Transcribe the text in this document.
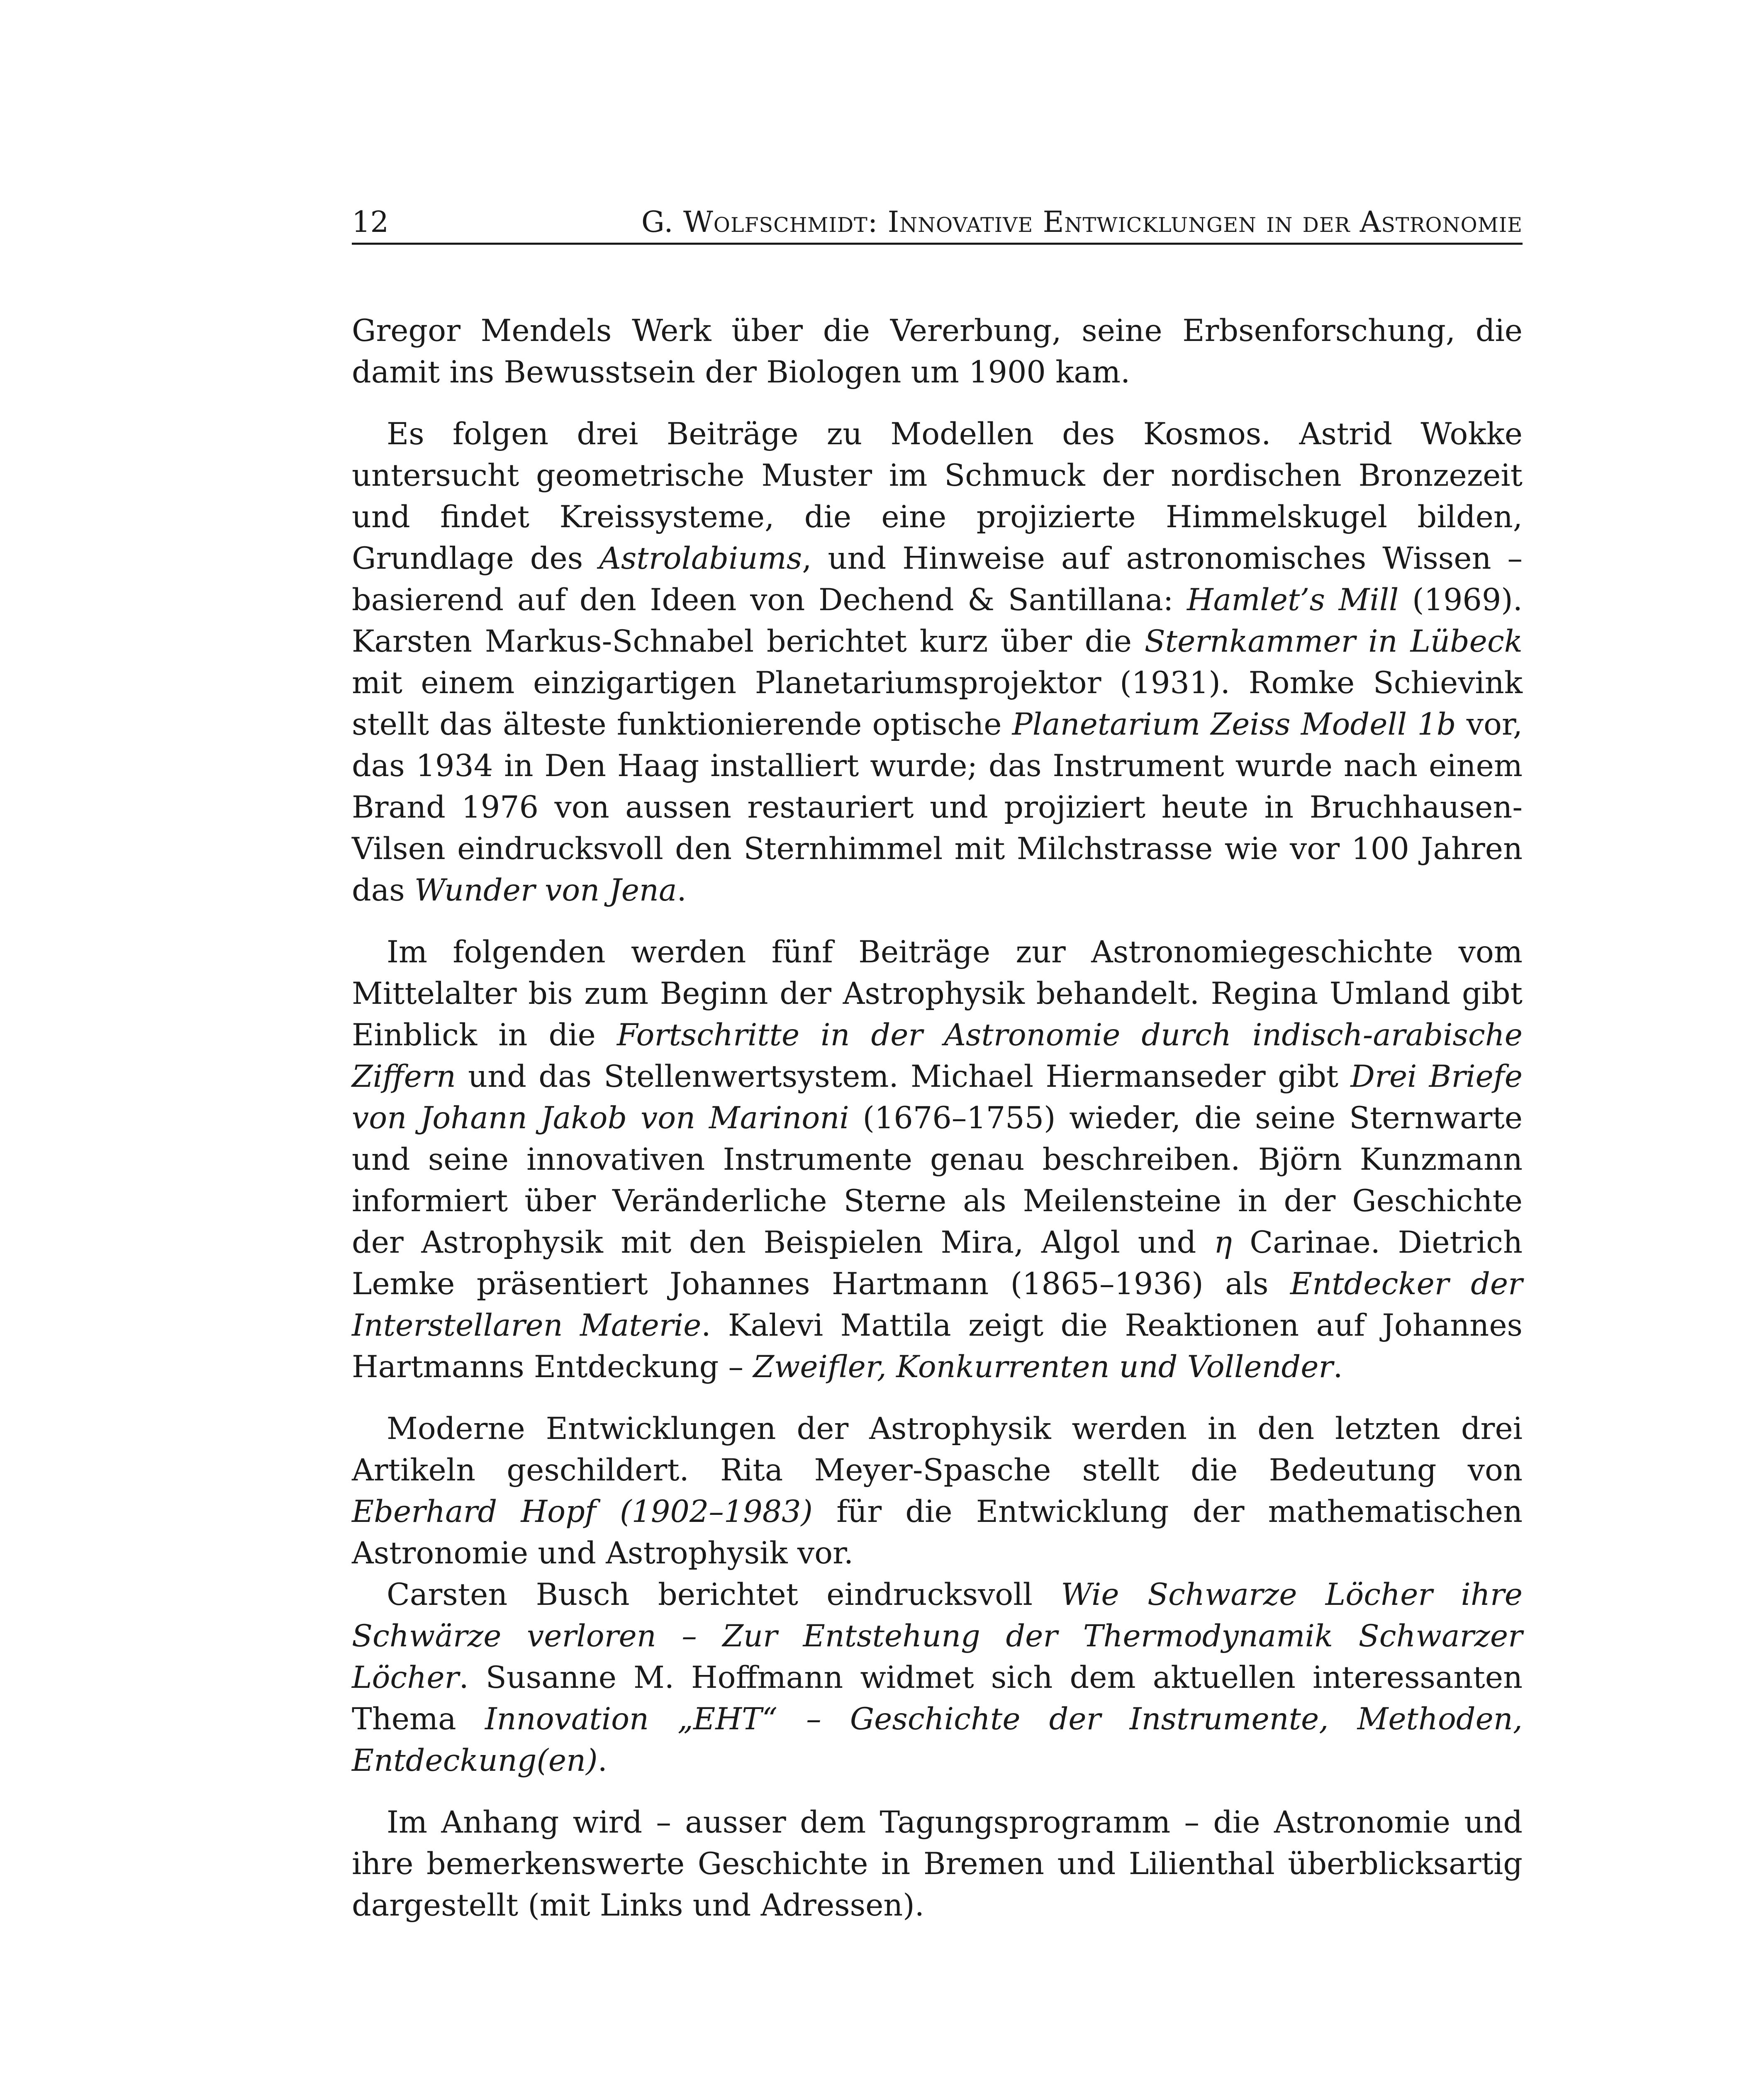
12	G. Wolfschmidt: Innovative Entwicklungen in der Astronomie

Gregor Mendels Werk über die Vererbung, seine Erbsenforschung, die damit ins Bewusstsein der Biologen um 1900 kam.

Es folgen drei Beiträge zu Modellen des Kosmos. Astrid Wokke untersucht geometrische Muster im Schmuck der nordischen Bronzezeit und findet Kreissysteme, die eine projizierte Himmelskugel bilden, Grundlage des Astrolabiums, und Hinweise auf astronomisches Wissen – basierend auf den Ideen von Dechend & Santillana: Hamlet’s Mill (1969). Karsten Markus-Schnabel berichtet kurz über die Sternkammer in Lübeck mit einem einzigartigen Planetariumsprojektor (1931). Romke Schievink stellt das älteste funktionierende optische Planetarium Zeiss Modell 1b vor, das 1934 in Den Haag installiert wurde; das Instrument wurde nach einem Brand 1976 von aussen restauriert und projiziert heute in Bruchhausen-Vilsen eindrucksvoll den Sternhimmel mit Milchstrasse wie vor 100 Jahren das Wunder von Jena.

Im folgenden werden fünf Beiträge zur Astronomiegeschichte vom Mittelalter bis zum Beginn der Astrophysik behandelt. Regina Umland gibt Einblick in die Fortschritte in der Astronomie durch indisch-arabische Ziffern und das Stellenwertsystem. Michael Hiermanseder gibt Drei Briefe von Johann Jakob von Marinoni (1676–1755) wieder, die seine Sternwarte und seine innovativen Instrumente genau beschreiben. Björn Kunzmann informiert über Veränderliche Sterne als Meilensteine in der Geschichte der Astrophysik mit den Beispielen Mira, Algol und η Carinae. Dietrich Lemke präsentiert Johannes Hartmann (1865–1936) als Entdecker der Interstellaren Materie. Kalevi Mattila zeigt die Reaktionen auf Johannes Hartmanns Entdeckung – Zweifler, Konkurrenten und Vollender.

Moderne Entwicklungen der Astrophysik werden in den letzten drei Artikeln geschildert. Rita Meyer-Spasche stellt die Bedeutung von Eberhard Hopf (1902–1983) für die Entwicklung der mathematischen Astronomie und Astrophysik vor.

Carsten Busch berichtet eindrucksvoll Wie Schwarze Löcher ihre Schwärze verloren – Zur Entstehung der Thermodynamik Schwarzer Löcher. Susanne M. Hoffmann widmet sich dem aktuellen interessanten Thema Innovation „EHT“ – Geschichte der Instrumente, Methoden, Entdeckung(en).

Im Anhang wird – ausser dem Tagungsprogramm – die Astronomie und ihre bemerkenswerte Geschichte in Bremen und Lilienthal überblicksartig dargestellt (mit Links und Adressen).
